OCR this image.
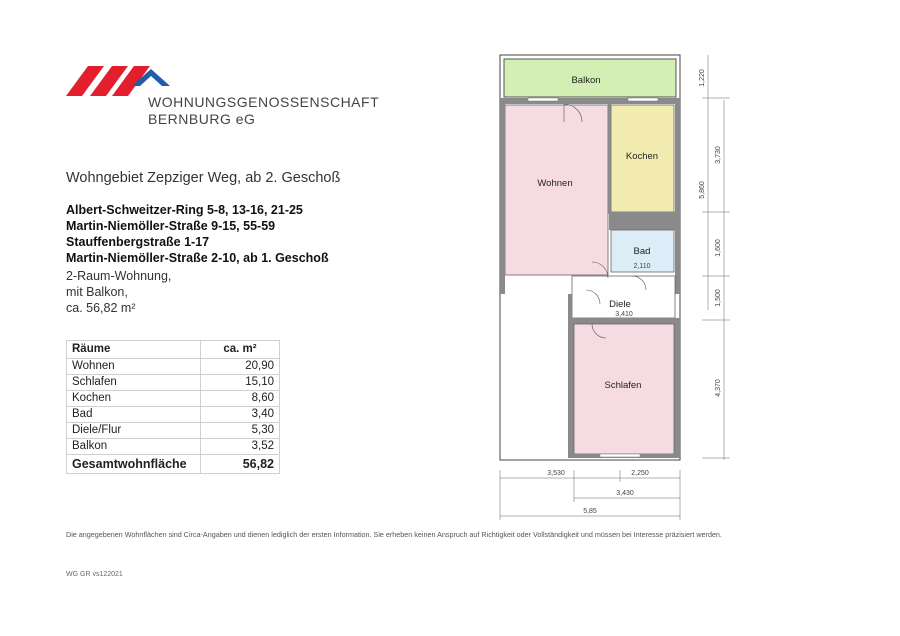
WOHNUNGSGENOSSENSCHAFT
BERNBURG eG
Wohngebiet Zepziger Weg, ab 2. Geschoß
Albert-Schweitzer-Ring 5-8, 13-16, 21-25
Martin-Niemöller-Straße 9-15, 55-59
Stauffenbergstraße 1-17
Martin-Niemöller-Straße 2-10, ab 1. Geschoß
2-Raum-Wohnung,
mit Balkon,
ca. 56,82 m²
Räume	ca. m²
Wohnen	20,90
Schlafen	15,10
Kochen	8,60
Bad	3,40
Diele/Flur	5,30
Balkon	3,52
Gesamtwohnfläche	56,82
Balkon
Wohnen
Kochen
Bad
2,110
Diele
3,410
Schlafen
1,220
3,730
5,860
1,600
1,500
4,370
3,530	2,250
3,430
5,85
Die angegebenen Wohnflächen sind Circa-Angaben und dienen lediglich der ersten Information. Sie erheben keinen Anspruch auf Richtigkeit oder Vollständigkeit und müssen bei Interesse präzisiert werden.
WG GR vs122021
